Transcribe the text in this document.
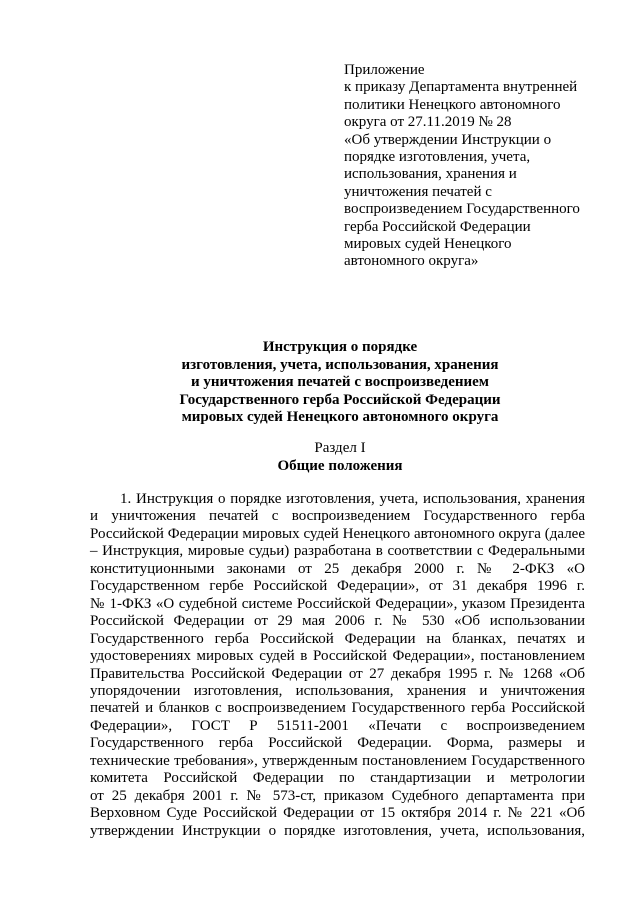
Приложение
к приказу Департамента внутренней
политики Ненецкого автономного
округа от 27.11.2019 № 28
«Об утверждении Инструкции о
порядке изготовления, учета,
использования, хранения и
уничтожения печатей с
воспроизведением Государственного
герба Российской Федерации
мировых судей Ненецкого
автономного округа»
Инструкция о порядке
изготовления, учета, использования, хранения
и уничтожения печатей с воспроизведением
Государственного герба Российской Федерации
мировых судей Ненецкого автономного округа
Раздел I
Общие положения
1. Инструкция о порядке изготовления, учета, использования, хранения
и уничтожения печатей с воспроизведением Государственного герба
Российской Федерации мировых судей Ненецкого автономного округа (далее
– Инструкция, мировые судьи) разработана в соответствии с Федеральными
конституционными законами от 25 декабря 2000 г. № 2-ФКЗ «О
Государственном гербе Российской Федерации», от 31 декабря 1996 г.
№ 1-ФКЗ «О судебной системе Российской Федерации», указом Президента
Российской Федерации от 29 мая 2006 г. № 530 «Об использовании
Государственного герба Российской Федерации на бланках, печатях и
удостоверениях мировых судей в Российской Федерации», постановлением
Правительства Российской Федерации от 27 декабря 1995 г. № 1268 «Об
упорядочении изготовления, использования, хранения и уничтожения
печатей и бланков с воспроизведением Государственного герба Российской
Федерации», ГОСТ Р 51511-2001 «Печати с воспроизведением
Государственного герба Российской Федерации. Форма, размеры и
технические требования», утвержденным постановлением Государственного
комитета Российской Федерации по стандартизации и метрологии
от 25 декабря 2001 г. № 573-ст, приказом Судебного департамента при
Верховном Суде Российской Федерации от 15 октября 2014 г. № 221 «Об
утверждении Инструкции о порядке изготовления, учета, использования,
